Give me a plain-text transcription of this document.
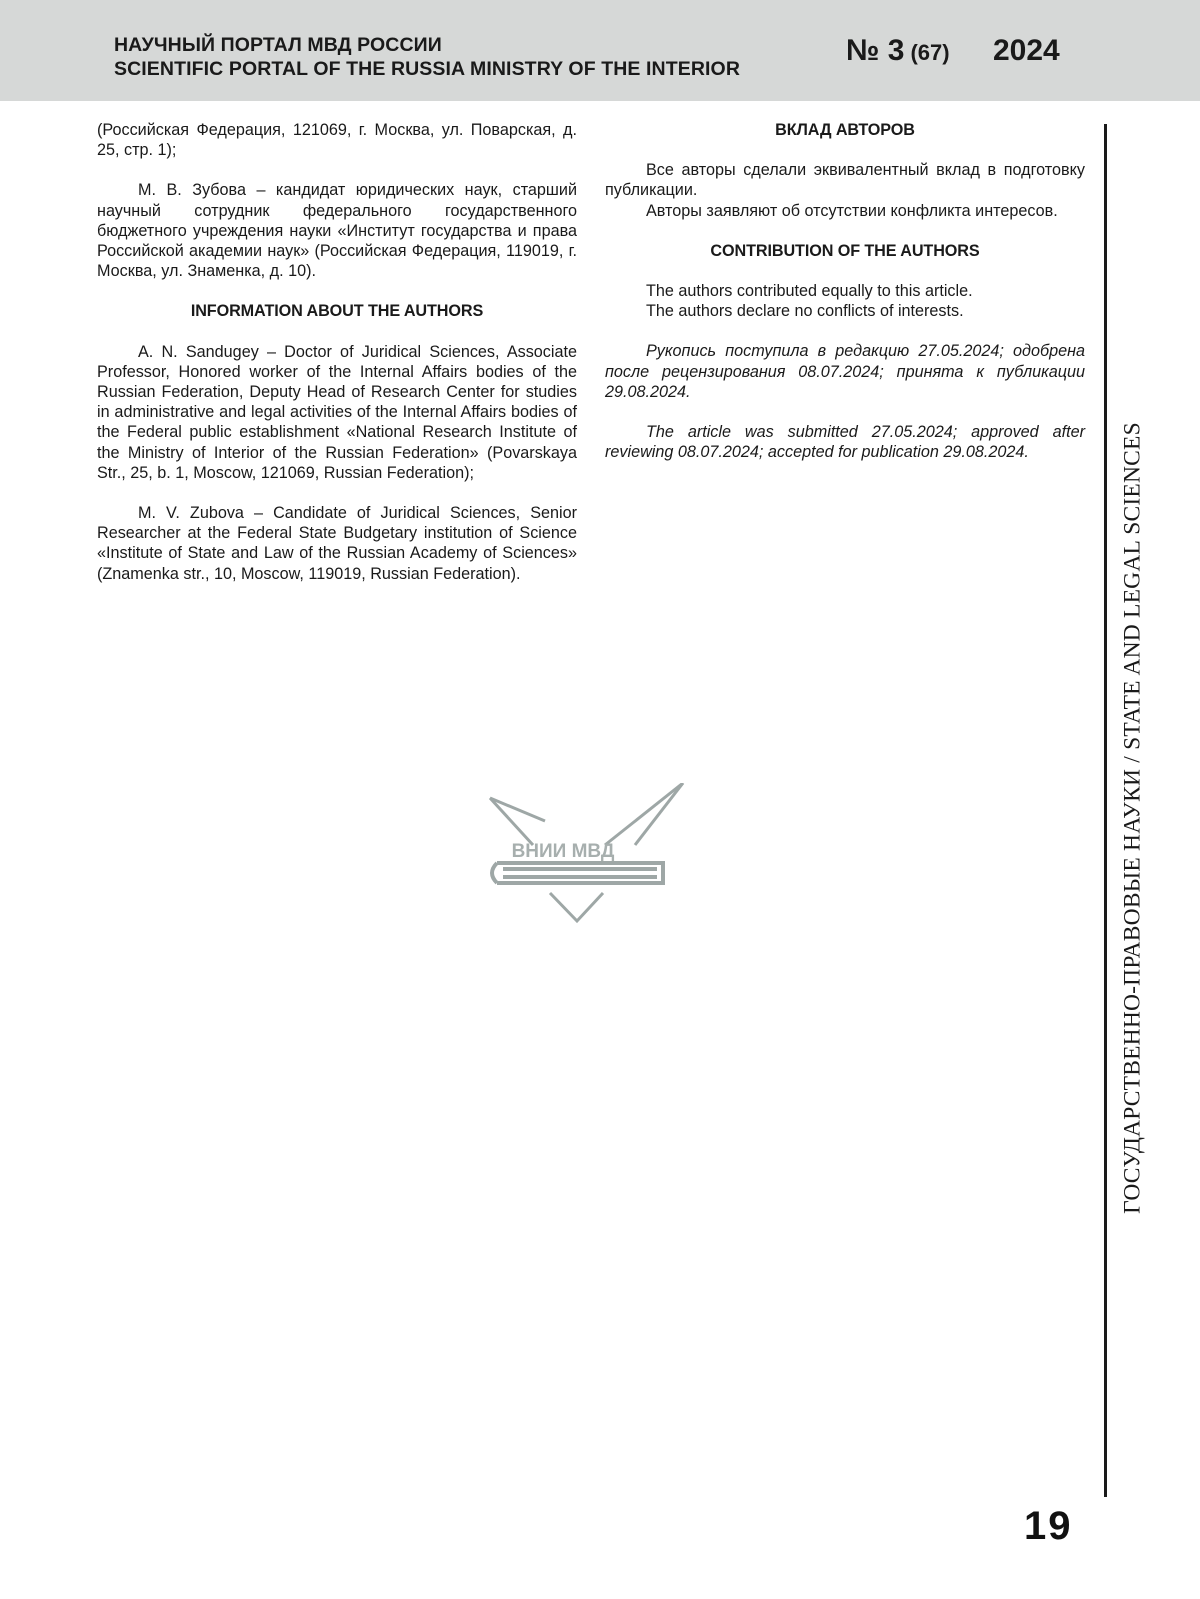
НАУЧНЫЙ ПОРТАЛ МВД РОССИИ
SCIENTIFIC PORTAL OF THE RUSSIA MINISTRY OF THE INTERIOR
№ 3 (67) 2024

(Российская Федерация, 121069, г. Москва, ул. Поварская, д. 25, стр. 1);

М. В. Зубова – кандидат юридических наук, старший научный сотрудник федерального государственного бюджетного учреждения науки «Институт государства и права Российской академии наук» (Российская Федерация, 119019, г. Москва, ул. Знаменка, д. 10).

INFORMATION ABOUT THE AUTHORS

A. N. Sandugey – Doctor of Juridical Sciences, Associate Professor, Honored worker of the Internal Affairs bodies of the Russian Federation, Deputy Head of Research Center for studies in administrative and legal activities of the Internal Affairs bodies of the Federal public establishment «National Research Institute of the Ministry of Interior of the Russian Federation» (Povarskaya Str., 25, b. 1, Moscow, 121069, Russian Federation);

M. V. Zubova – Candidate of Juridical Sciences, Senior Researcher at the Federal State Budgetary institution of Science «Institute of State and Law of the Russian Academy of Sciences» (Znamenka str., 10, Moscow, 119019, Russian Federation).

ВКЛАД АВТОРОВ

Все авторы сделали эквивалентный вклад в подготовку публикации.

Авторы заявляют об отсутствии конфликта интересов.

CONTRIBUTION OF THE AUTHORS

The authors contributed equally to this article.

The authors declare no conflicts of interests.

Рукопись поступила в редакцию 27.05.2024; одобрена после рецензирования 08.07.2024; принята к публикации 29.08.2024.

The article was submitted 27.05.2024; approved after reviewing 08.07.2024; accepted for publication 29.08.2024.	ГОСУДАРСТВЕННО-ПРАВОВЫЕ НАУКИ / STATE AND LEGAL SCIENCES
ВНИИ МВД
19
